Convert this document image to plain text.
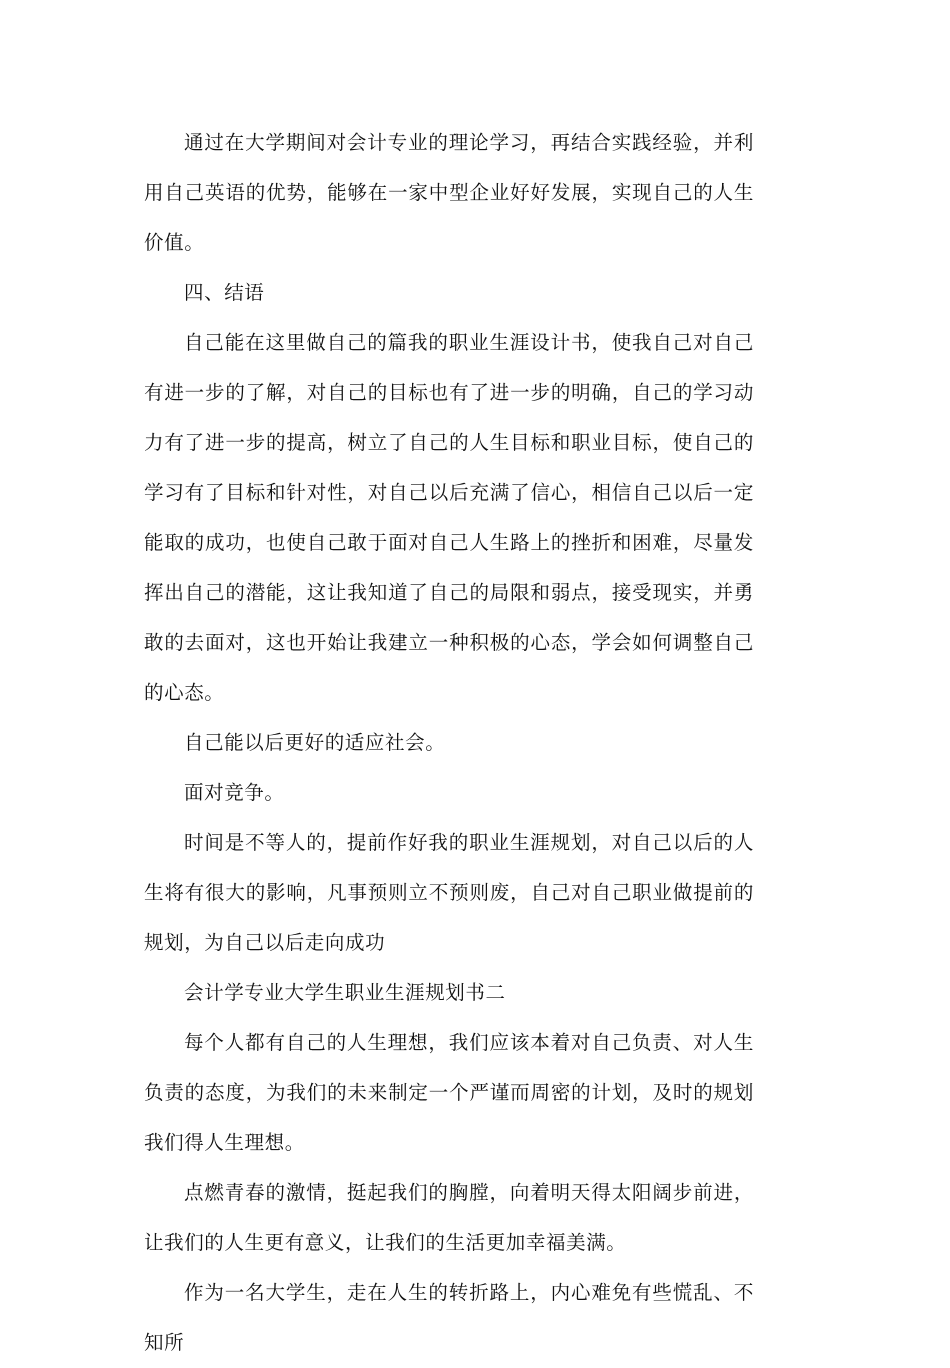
通过在大学期间对会计专业的理论学习，再结合实践经验，并利用自己英语的优势，能够在一家中型企业好好发展，实现自己的人生价值。

四、结语

自己能在这里做自己的篇我的职业生涯设计书，使我自己对自己有进一步的了解，对自己的目标也有了进一步的明确，自己的学习动力有了进一步的提高，树立了自己的人生目标和职业目标，使自己的学习有了目标和针对性，对自己以后充满了信心，相信自己以后一定能取的成功，也使自己敢于面对自己人生路上的挫折和困难，尽量发挥出自己的潜能，这让我知道了自己的局限和弱点，接受现实，并勇敢的去面对，这也开始让我建立一种积极的心态，学会如何调整自己的心态。

自己能以后更好的适应社会。

面对竞争。

时间是不等人的，提前作好我的职业生涯规划，对自己以后的人生将有很大的影响，凡事预则立不预则废，自己对自己职业做提前的规划，为自己以后走向成功

会计学专业大学生职业生涯规划书二

每个人都有自己的人生理想，我们应该本着对自己负责、对人生负责的态度，为我们的未来制定一个严谨而周密的计划，及时的规划我们得人生理想。

点燃青春的激情，挺起我们的胸膛，向着明天得太阳阔步前进，让我们的人生更有意义，让我们的生活更加幸福美满。

作为一名大学生，走在人生的转折路上，内心难免有些慌乱、不知所
